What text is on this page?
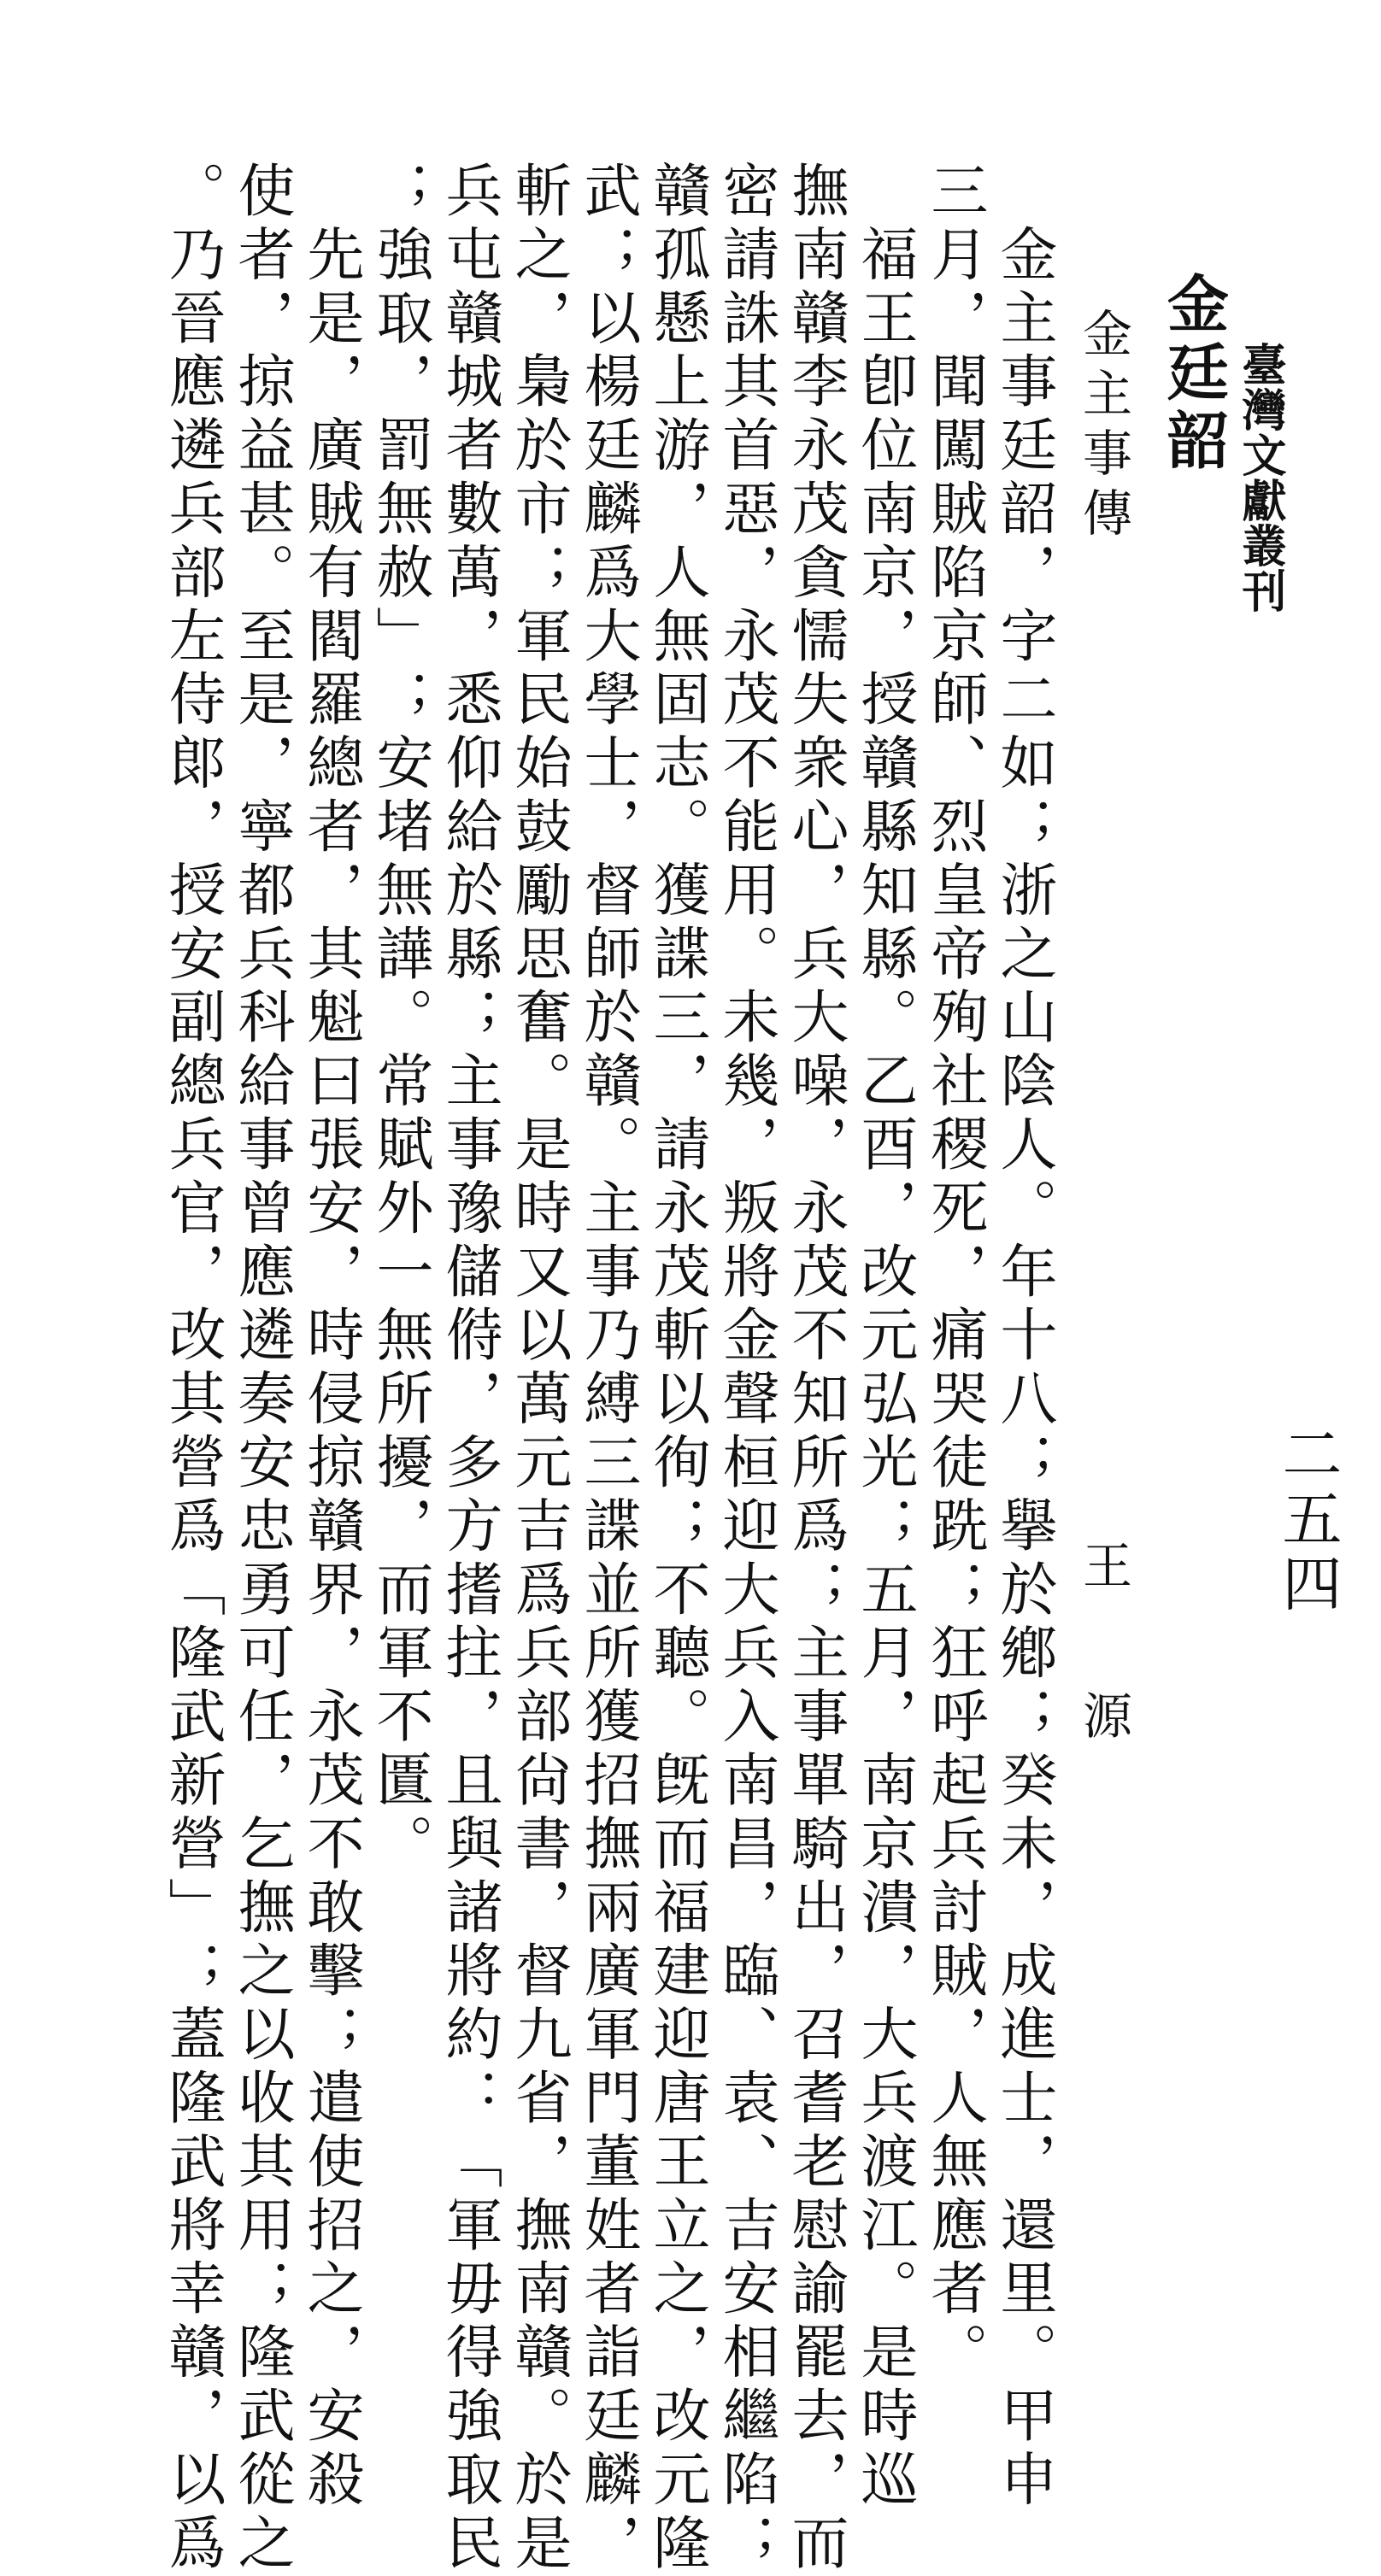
臺灣文獻叢刊
二五四
金廷韶
金主事傳
王　源
　金主事廷韶，字二如；浙之山陰人。年十八；擧於鄕；癸未，成進士，還里。甲申
三月，聞闖賊陷京師、烈皇帝殉社稷死，痛哭徒跣；狂呼起兵討賊，人無應者。
　福王卽位南京，授贛縣知縣。乙酉，改元弘光；五月，南京潰，大兵渡江。是時巡
撫南贛李永茂貪懦失衆心，兵大噪，永茂不知所爲；主事單騎出，召耆老慰諭罷去，而
密請誅其首惡，永茂不能用。未幾，叛將金聲桓迎大兵入南昌，臨、袁、吉安相繼陷；
贛孤懸上游，人無固志。獲諜三，請永茂斬以徇；不聽。旣而福建迎唐王立之，改元隆
武；以楊廷麟爲大學士，督師於贛。主事乃縛三諜並所獲招撫兩廣軍門董姓者詣廷麟，
斬之，梟於市；軍民始鼓勵思奮。是時又以萬元吉爲兵部尙書，督九省，撫南贛。於是
兵屯贛城者數萬，悉仰給於縣；主事豫儲偫，多方搘拄，且與諸將約：「軍毋得強取民
；強取，罰無赦」；安堵無譁。常賦外一無所擾，而軍不匱。
　先是，廣賊有閻羅總者，其魁曰張安，時侵掠贛界，永茂不敢擊；遣使招之，安殺
使者，掠益甚。至是，寧都兵科給事曾應遴奏安忠勇可任，乞撫之以收其用；隆武從之
。乃晉應遴兵部左侍郞，授安副總兵官，改其營爲「隆武新營」；蓋隆武將幸贛，以爲
